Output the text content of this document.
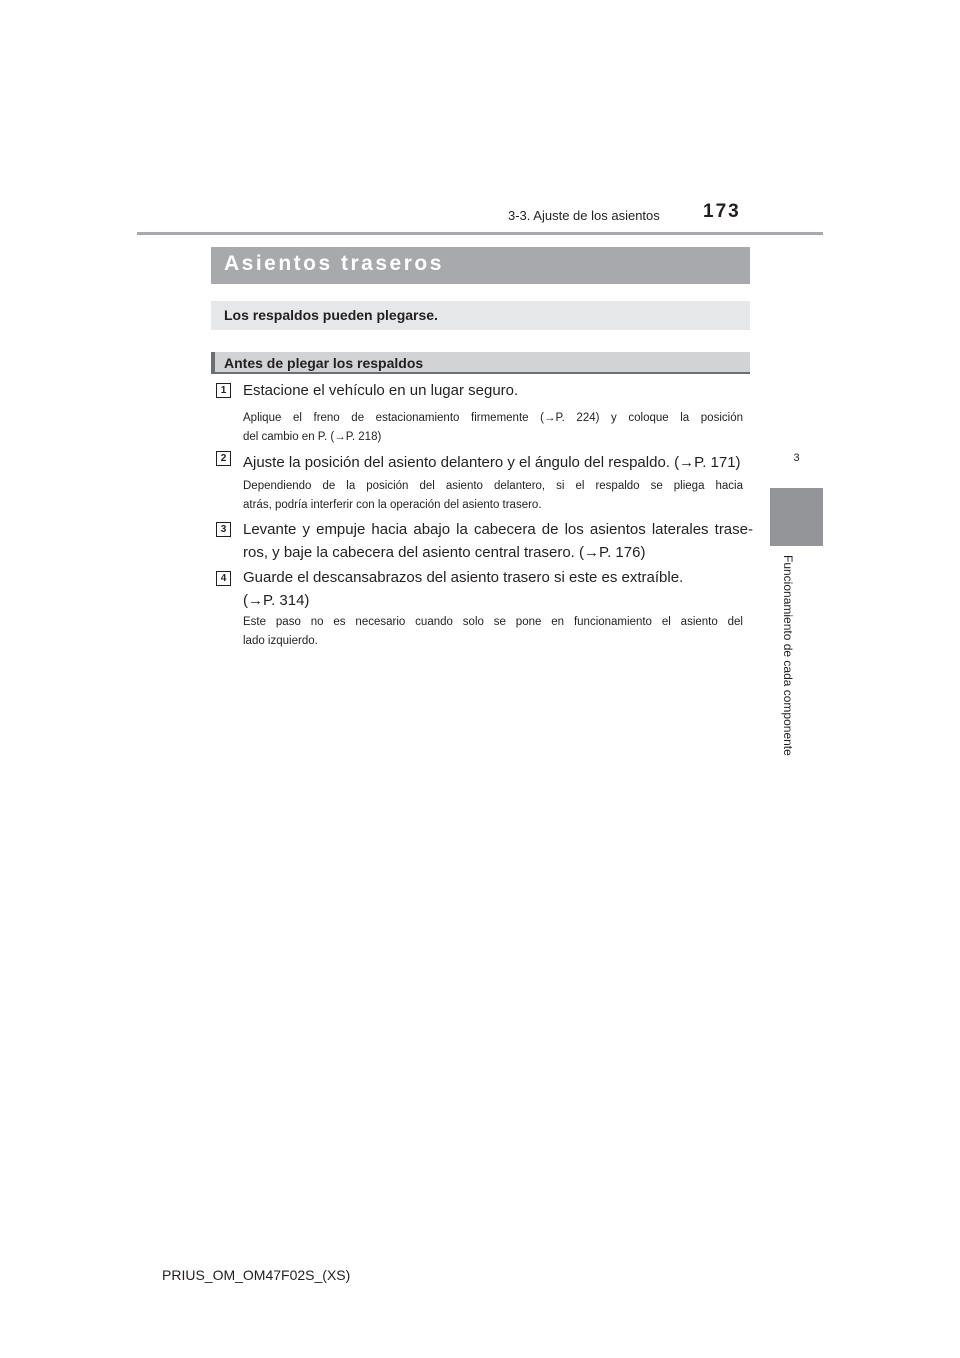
3-3. Ajuste de los asientos 173
3
Funcionamiento de cada componente
Asientos traseros
Los respaldos pueden plegarse.
Antes de plegar los respaldos
1	Estacione el vehículo en un lugar seguro.
Aplique el freno de estacionamiento firmemente (→P. 224) y coloque la posición
del cambio en P. (→P. 218)
2	Ajuste la posición del asiento delantero y el ángulo del respaldo. (→P. 171)
Dependiendo de la posición del asiento delantero, si el respaldo se pliega hacia
atrás, podría interferir con la operación del asiento trasero.
3	Levante y empuje hacia abajo la cabecera de los asientos laterales trase-
ros, y baje la cabecera del asiento central trasero. (→P. 176)
4	Guarde el descansabrazos del asiento trasero si este es extraíble.
(→P. 314)
Este paso no es necesario cuando solo se pone en funcionamiento el asiento del
lado izquierdo.
PRIUS_OM_OM47F02S_(XS)
